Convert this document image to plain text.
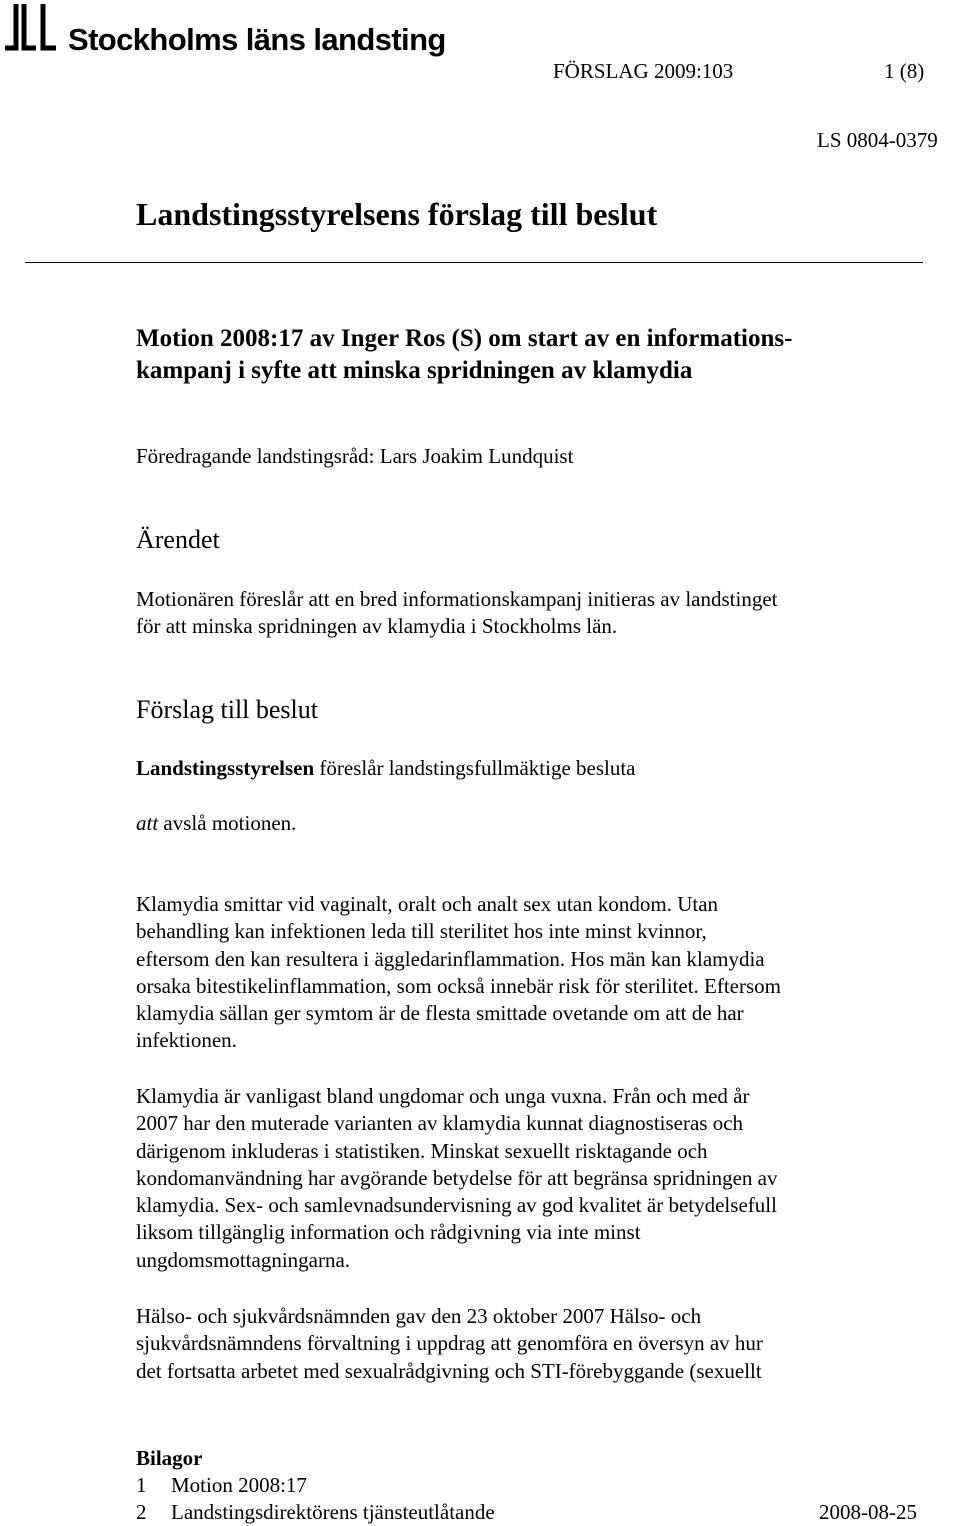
Stockholms läns landsting
FÖRSLAG 2009:103	1 (8)
LS 0804-0379
Landstingsstyrelsens förslag till beslut
Motion 2008:17 av Inger Ros (S) om start av en informations-
kampanj i syfte att minska spridningen av klamydia
Föredragande landstingsråd: Lars Joakim Lundquist
Ärendet
Motionären föreslår att en bred informationskampanj initieras av landstinget
för att minska spridningen av klamydia i Stockholms län.
Förslag till beslut
Landstingsstyrelsen föreslår landstingsfullmäktige besluta
att avslå motionen.
Klamydia smittar vid vaginalt, oralt och analt sex utan kondom. Utan
behandling kan infektionen leda till sterilitet hos inte minst kvinnor,
eftersom den kan resultera i äggledarinflammation. Hos män kan klamydia
orsaka bitestikelinflammation, som också innebär risk för sterilitet. Eftersom
klamydia sällan ger symtom är de flesta smittade ovetande om att de har
infektionen.
Klamydia är vanligast bland ungdomar och unga vuxna. Från och med år
2007 har den muterade varianten av klamydia kunnat diagnostiseras och
därigenom inkluderas i statistiken. Minskat sexuellt risktagande och
kondomanvändning har avgörande betydelse för att begränsa spridningen av
klamydia. Sex- och samlevnadsundervisning av god kvalitet är betydelsefull
liksom tillgänglig information och rådgivning via inte minst
ungdomsmottagningarna.
Hälso- och sjukvårdsnämnden gav den 23 oktober 2007 Hälso- och
sjukvårdsnämndens förvaltning i uppdrag att genomföra en översyn av hur
det fortsatta arbetet med sexualrådgivning och STI-förebyggande (sexuellt
Bilagor
1 Motion 2008:17
2 Landstingsdirektörens tjänsteutlåtande	2008-08-25
